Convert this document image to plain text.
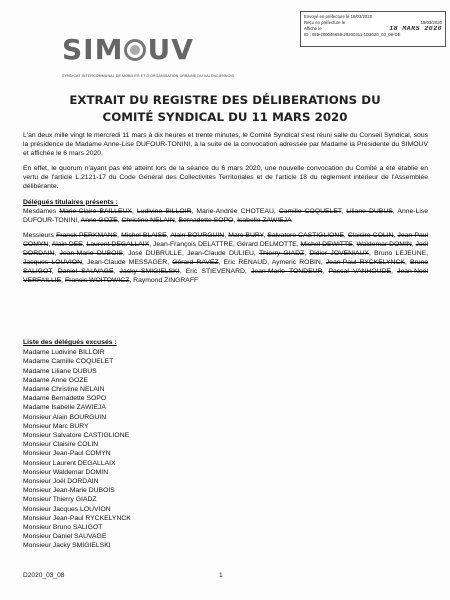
Envoyé en préfecture le 18/03/2020
Reçu en préfecture le	18/03/2020
Affiché le	18 MARS 2020
ID : 059-200046659-20200311-1D2020_03_08-DE
SIM UV
SYNDICAT INTERCOMMUNAL DE MOBILITÉ ET D'ORGANISATION URBAINE DU VALENCIENNOIS
EXTRAIT DU REGISTRE DES DÉLIBERATIONS DU
COMITÉ SYNDICAL DU 11 MARS 2020

L'an deux mille vingt le mercredi 11 mars à dix heures et trente minutes, le Comité Syndical s'est réuni salle du Conseil Syndical, sous la présidence de Madame Anne-Lise DUFOUR-TONINI, à la suite de la convocation adressée par Madame la Présidente du SIMOUV et affichée le 6 mars 2020.

En effet, le quorum n'ayant pas été atteint lors de la séance du 6 mars 2020, une nouvelle convocation du Comité a été établie en vertu de l'article L.2121-17 du Code Général des Collectivités Territoriales et de l'article 18 du règlement intérieur de l'Assemblée délibérante.

Délégués titulaires présents :

Mesdames Marie-Claire BAILLEUX, Ludivine BILLOIR, Marie-Andrée CHOTEAU, Camille COQUELET, Liliane DUBUS, Anne-Lise DUFOUR-TONINI, Anne GOZE, Christine NELAIN, Bernadette SOPO, Isabelle ZAWIEJA

Messieurs Franck PERKMANS, Michel BLAISE, Alain BOURGUIN, Marc BURY, Salvatore CASTIGLIONE, Claisire COLIN, Jean-Paul COMYN, Alain DEE, Laurent DEGALLAIX, Jean-François DELATTRE, Gérard DELMOTTE, Michel DEWITTE, Waldemar DOMIN, Joël DORDAIN, Jean-Marie DUBOIS, José DUBRULLE, Jean-Claude DULIEU, Thierry GIADZ, Didier JOVENIAUX, Bruno LEJEUNE, Jacques LOUVION, Jean-Claude MESSAGER, Gérard RAVEZ, Eric RENAUD, Aymeric ROBIN, Jean-Paul RYCKELYNCK, Bruno SALIGOT, Daniel SAUVAGE, Jacky SMIGIELSKI, Eric STIEVENARD, Jean-Marie TONDEUR, Pascal VANHOUDE, Jean-Noël VERFAILLIE, Francis WOITOWICZ, Raymond ZINGRAFF

Liste des délégués excusés :
Madame Ludivine BILLOIR
Madame Camille COQUELET
Madame Liliane DUBUS
Madame Anne GOZE
Madame Christine NELAIN
Madame Bernadette SOPO
Madame Isabelle ZAWIEJA
Monsieur Alain BOURGUIN
Monsieur Marc BURY
Monsieur Salvatore CASTIGLIONE
Monsieur Claisire COLIN
Monsieur Jean-Paul COMYN
Monsieur Laurent DEGALLAIX
Monsieur Waldemar DOMIN
Monsieur Joël DORDAIN
Monsieur Jean-Marie DUBOIS
Monsieur Thierry GIADZ
Monsieur Jacques LOUVION
Monsieur Jean-Paul RYCKELYNCK
Monsieur Bruno SALIGOT
Monsieur Daniel SAUVAGE
Monsieur Jacky SMIGIELSKI
D2020_03_08	1
